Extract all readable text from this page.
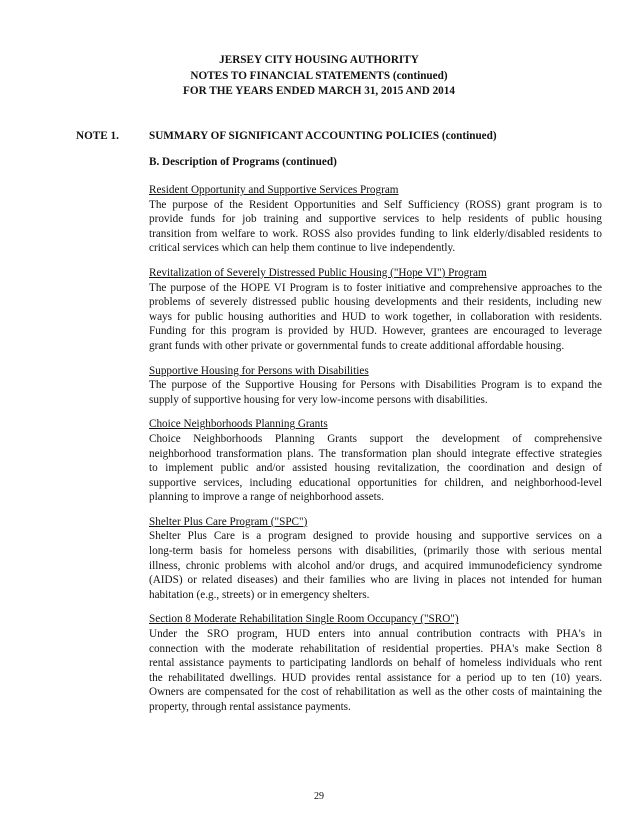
JERSEY CITY HOUSING AUTHORITY
NOTES TO FINANCIAL STATEMENTS (continued)
FOR THE YEARS ENDED MARCH 31, 2015 AND 2014
NOTE 1.	SUMMARY OF SIGNIFICANT ACCOUNTING POLICIES (continued)
B. Description of Programs (continued)
Resident Opportunity and Supportive Services Program
The purpose of the Resident Opportunities and Self Sufficiency (ROSS) grant program is to
provide funds for job training and supportive services to help residents of public housing
transition from welfare to work. ROSS also provides funding to link elderly/disabled residents to
critical services which can help them continue to live independently.
Revitalization of Severely Distressed Public Housing ("Hope VI") Program
The purpose of the HOPE VI Program is to foster initiative and comprehensive approaches to the
problems of severely distressed public housing developments and their residents, including new
ways for public housing authorities and HUD to work together, in collaboration with residents.
Funding for this program is provided by HUD. However, grantees are encouraged to leverage
grant funds with other private or governmental funds to create additional affordable housing.
Supportive Housing for Persons with Disabilities
The purpose of the Supportive Housing for Persons with Disabilities Program is to expand the
supply of supportive housing for very low-income persons with disabilities.
Choice Neighborhoods Planning Grants
Choice Neighborhoods Planning Grants support the development of comprehensive
neighborhood transformation plans. The transformation plan should integrate effective strategies
to implement public and/or assisted housing revitalization, the coordination and design of
supportive services, including educational opportunities for children, and neighborhood-level
planning to improve a range of neighborhood assets.
Shelter Plus Care Program ("SPC")
Shelter Plus Care is a program designed to provide housing and supportive services on a
long-term basis for homeless persons with disabilities, (primarily those with serious mental
illness, chronic problems with alcohol and/or drugs, and acquired immunodeficiency syndrome
(AIDS) or related diseases) and their families who are living in places not intended for human
habitation (e.g., streets) or in emergency shelters.
Section 8 Moderate Rehabilitation Single Room Occupancy ("SRO")
Under the SRO program, HUD enters into annual contribution contracts with PHA's in
connection with the moderate rehabilitation of residential properties. PHA's make Section 8
rental assistance payments to participating landlords on behalf of homeless individuals who rent
the rehabilitated dwellings. HUD provides rental assistance for a period up to ten (10) years.
Owners are compensated for the cost of rehabilitation as well as the other costs of maintaining the
property, through rental assistance payments.
29
